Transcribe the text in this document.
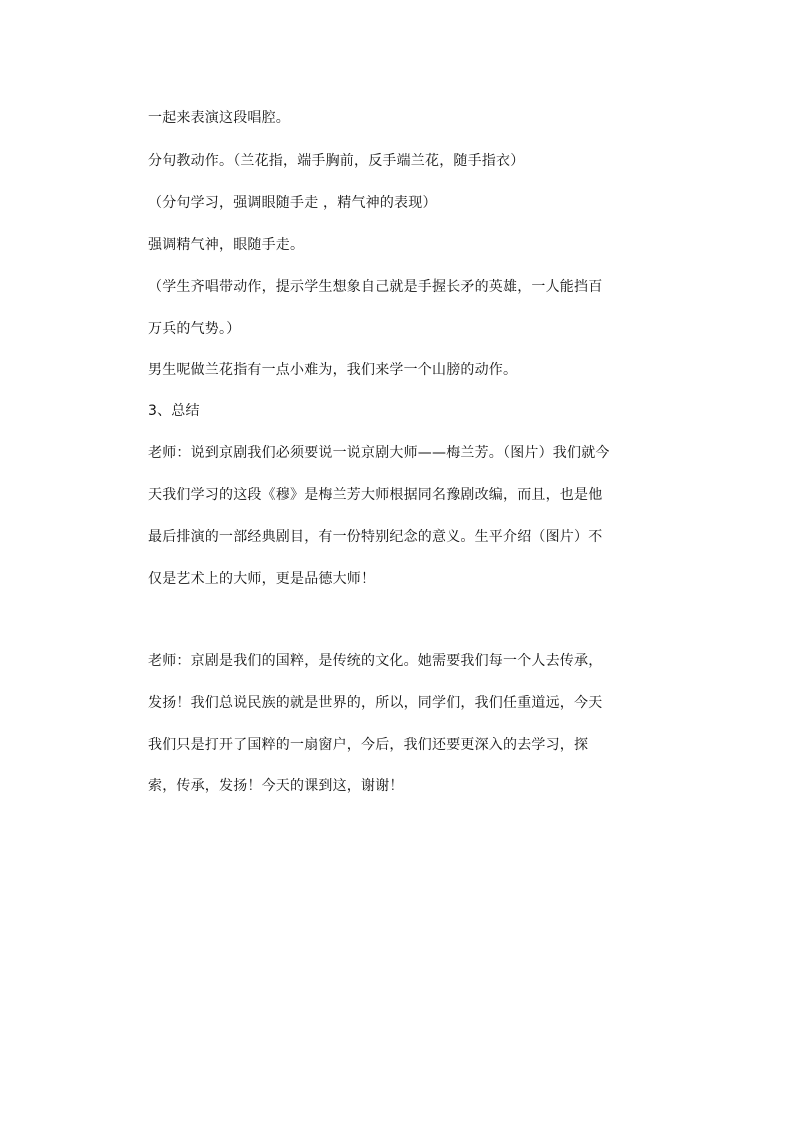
一起来表演这段唱腔。
分句教动作。（兰花指，端手胸前，反手端兰花，随手指衣）
（分句学习，强调眼随手走 ，精气神的表现）
强调精气神，眼随手走。
（学生齐唱带动作，提示学生想象自己就是手握长矛的英雄，一人能挡百
万兵的气势。）
男生呢做兰花指有一点小难为，我们来学一个山膀的动作。
3、总结
老师：说到京剧我们必须要说一说京剧大师——梅兰芳。（图片）我们就今
天我们学习的这段《穆》是梅兰芳大师根据同名豫剧改编，而且，也是他
最后排演的一部经典剧目，有一份特别纪念的意义。生平介绍（图片）不
仅是艺术上的大师，更是品德大师！
老师：京剧是我们的国粹，是传统的文化。她需要我们每一个人去传承，
发扬！我们总说民族的就是世界的，所以，同学们，我们任重道远，今天
我们只是打开了国粹的一扇窗户，今后，我们还要更深入的去学习，探
索，传承，发扬！今天的课到这，谢谢！
